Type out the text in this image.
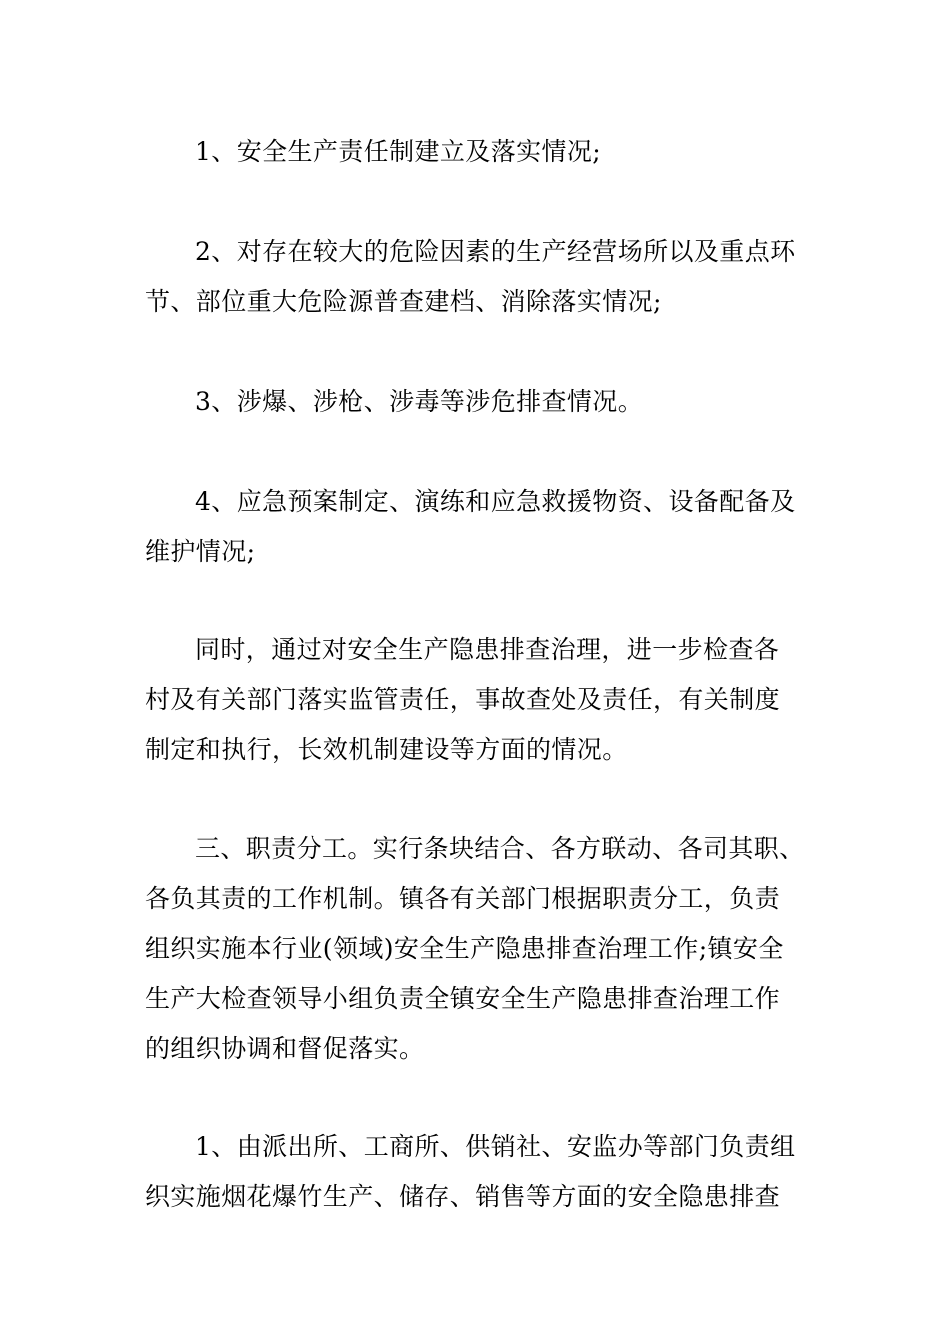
1、安全生产责任制建立及落实情况;
2、对存在较大的危险因素的生产经营场所以及重点环
节、部位重大危险源普查建档、消除落实情况;
3、涉爆、涉枪、涉毒等涉危排查情况。
4、应急预案制定、演练和应急救援物资、设备配备及
维护情况;
同时，通过对安全生产隐患排查治理，进一步检查各
村及有关部门落实监管责任，事故查处及责任，有关制度
制定和执行，长效机制建设等方面的情况。
三、职责分工。实行条块结合、各方联动、各司其职、
各负其责的工作机制。镇各有关部门根据职责分工，负责
组织实施本行业(领域)安全生产隐患排查治理工作;镇安全
生产大检查领导小组负责全镇安全生产隐患排查治理工作
的组织协调和督促落实。
1、由派出所、工商所、供销社、安监办等部门负责组
织实施烟花爆竹生产、储存、销售等方面的安全隐患排查
